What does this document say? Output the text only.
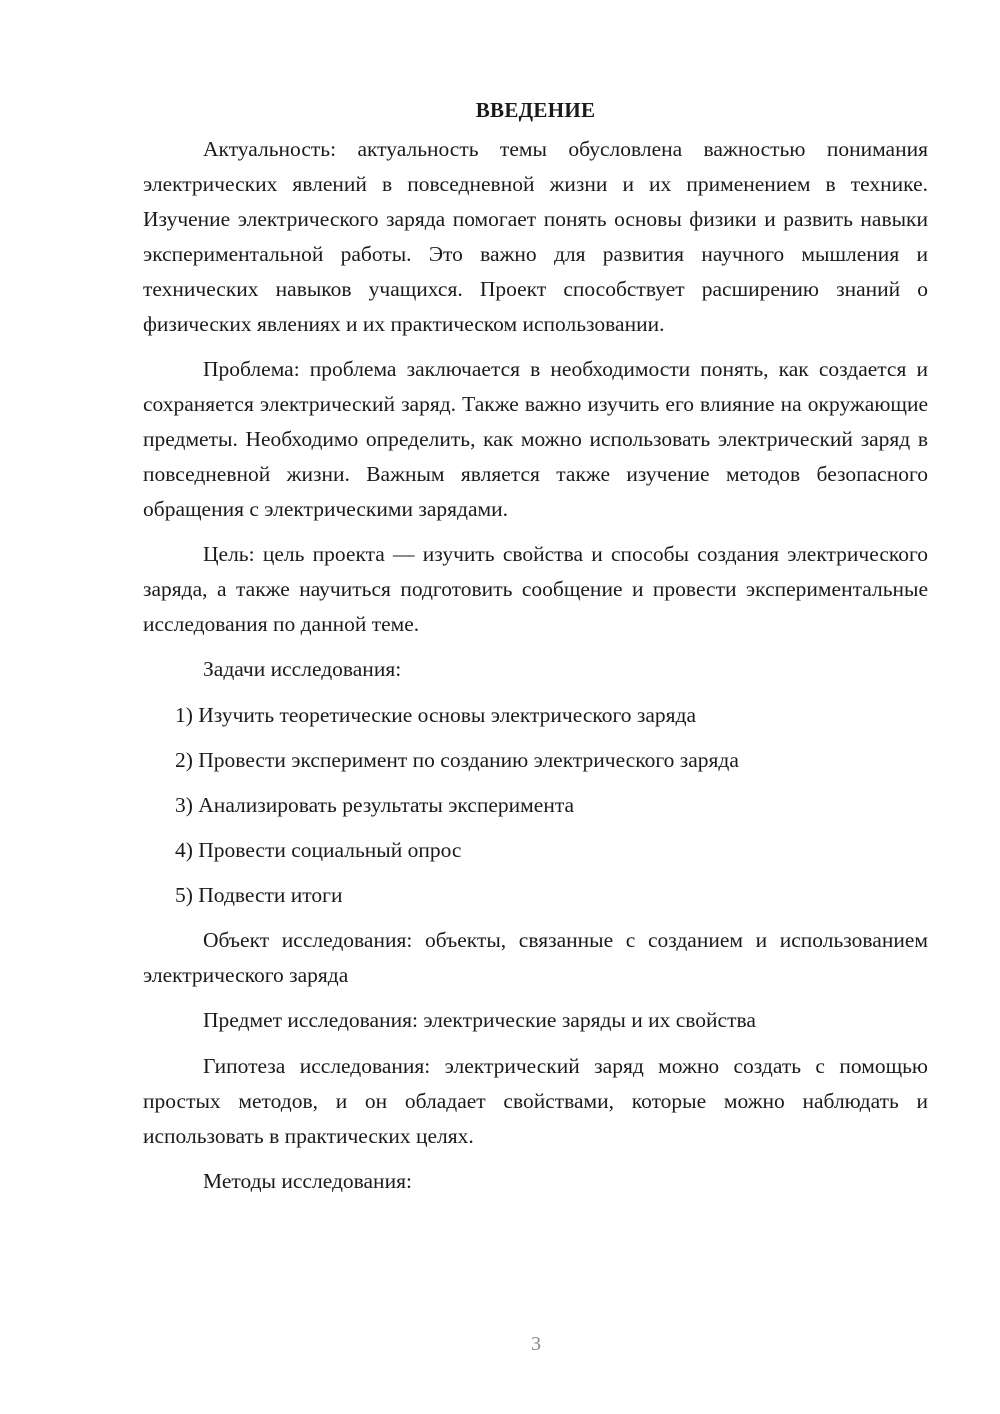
ВВЕДЕНИЕ

Актуальность: актуальность темы обусловлена важностью понимания электрических явлений в повседневной жизни и их применением в технике. Изучение электрического заряда помогает понять основы физики и развить навыки экспериментальной работы. Это важно для развития научного мышления и технических навыков учащихся. Проект способствует расширению знаний о физических явлениях и их практическом использовании.

Проблема: проблема заключается в необходимости понять, как создается и сохраняется электрический заряд. Также важно изучить его влияние на окружающие предметы. Необходимо определить, как можно использовать электрический заряд в повседневной жизни. Важным является также изучение методов безопасного обращения с электрическими зарядами.

Цель: цель проекта — изучить свойства и способы создания электрического заряда, а также научиться подготовить сообщение и провести экспериментальные исследования по данной теме.

Задачи исследования:

1) Изучить теоретические основы электрического заряда
2) Провести эксперимент по созданию электрического заряда
3) Анализировать результаты эксперимента
4) Провести социальный опрос
5) Подвести итоги

Объект исследования: объекты, связанные с созданием и использованием электрического заряда

Предмет исследования: электрические заряды и их свойства

Гипотеза исследования: электрический заряд можно создать с помощью простых методов, и он обладает свойствами, которые можно наблюдать и использовать в практических целях.

Методы исследования:

3
